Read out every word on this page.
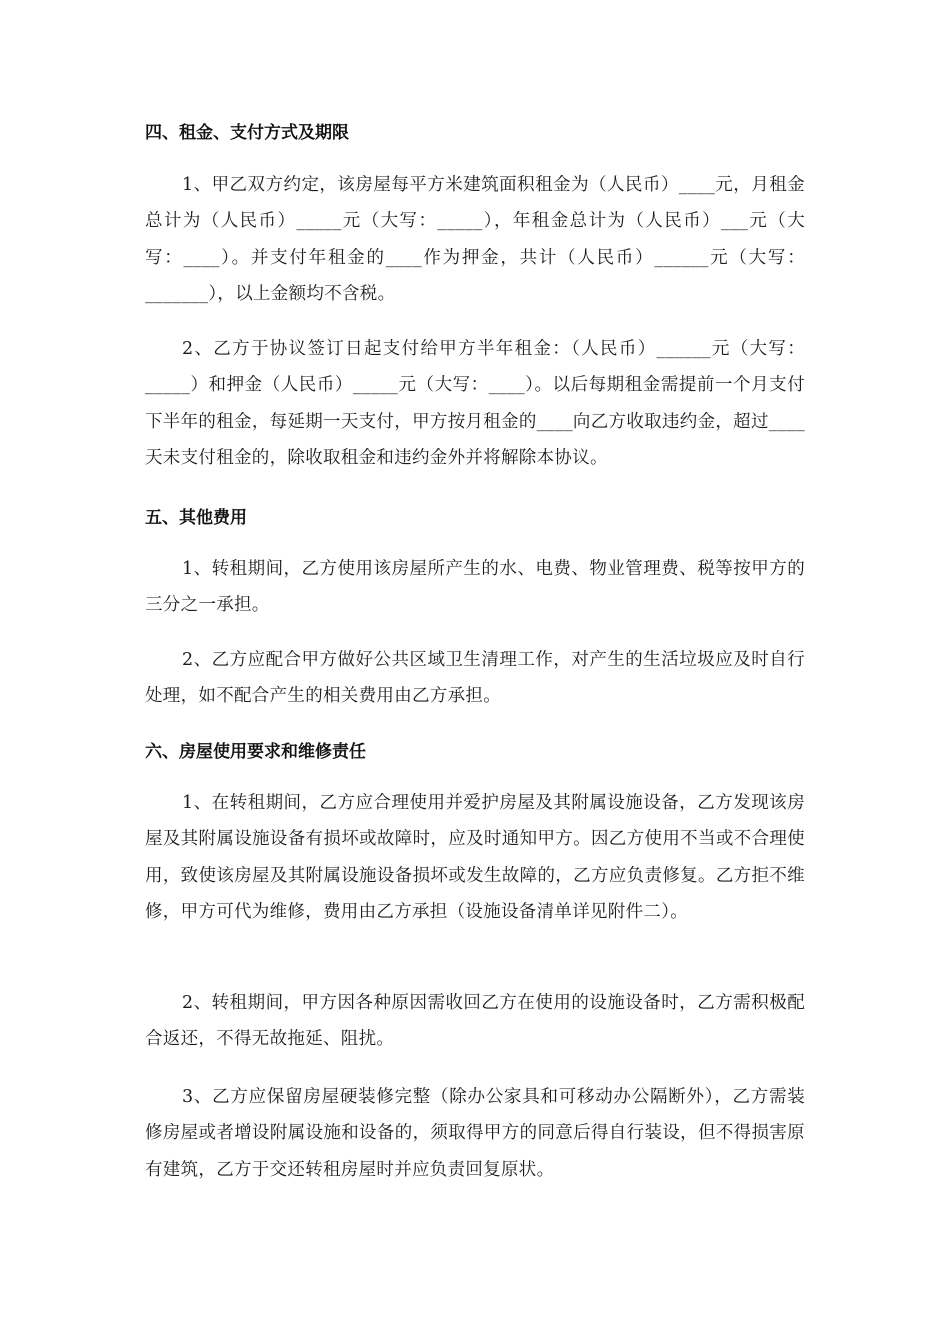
四、租金、支付方式及期限

1、甲乙双方约定，该房屋每平方米建筑面积租金为（人民币）____元，月租金总计为（人民币）_____元（大写：_____），年租金总计为（人民币）___元（大写：____）。并支付年租金的____作为押金，共计（人民币）______元（大写：_______），以上金额均不含税。

2、乙方于协议签订日起支付给甲方半年租金：（人民币）______元（大写：_____）和押金（人民币）_____元（大写：____）。以后每期租金需提前一个月支付下半年的租金，每延期一天支付，甲方按月租金的____向乙方收取违约金，超过____天未支付租金的，除收取租金和违约金外并将解除本协议。

五、其他费用

1、转租期间，乙方使用该房屋所产生的水、电费、物业管理费、税等按甲方的三分之一承担。

2、乙方应配合甲方做好公共区域卫生清理工作，对产生的生活垃圾应及时自行处理，如不配合产生的相关费用由乙方承担。

六、房屋使用要求和维修责任

1、在转租期间，乙方应合理使用并爱护房屋及其附属设施设备，乙方发现该房屋及其附属设施设备有损坏或故障时，应及时通知甲方。因乙方使用不当或不合理使用，致使该房屋及其附属设施设备损坏或发生故障的，乙方应负责修复。乙方拒不维修，甲方可代为维修，费用由乙方承担（设施设备清单详见附件二）。

2、转租期间，甲方因各种原因需收回乙方在使用的设施设备时，乙方需积极配合返还，不得无故拖延、阻扰。

3、乙方应保留房屋硬装修完整（除办公家具和可移动办公隔断外），乙方需装修房屋或者增设附属设施和设备的，须取得甲方的同意后得自行装设，但不得损害原有建筑，乙方于交还转租房屋时并应负责回复原状。
